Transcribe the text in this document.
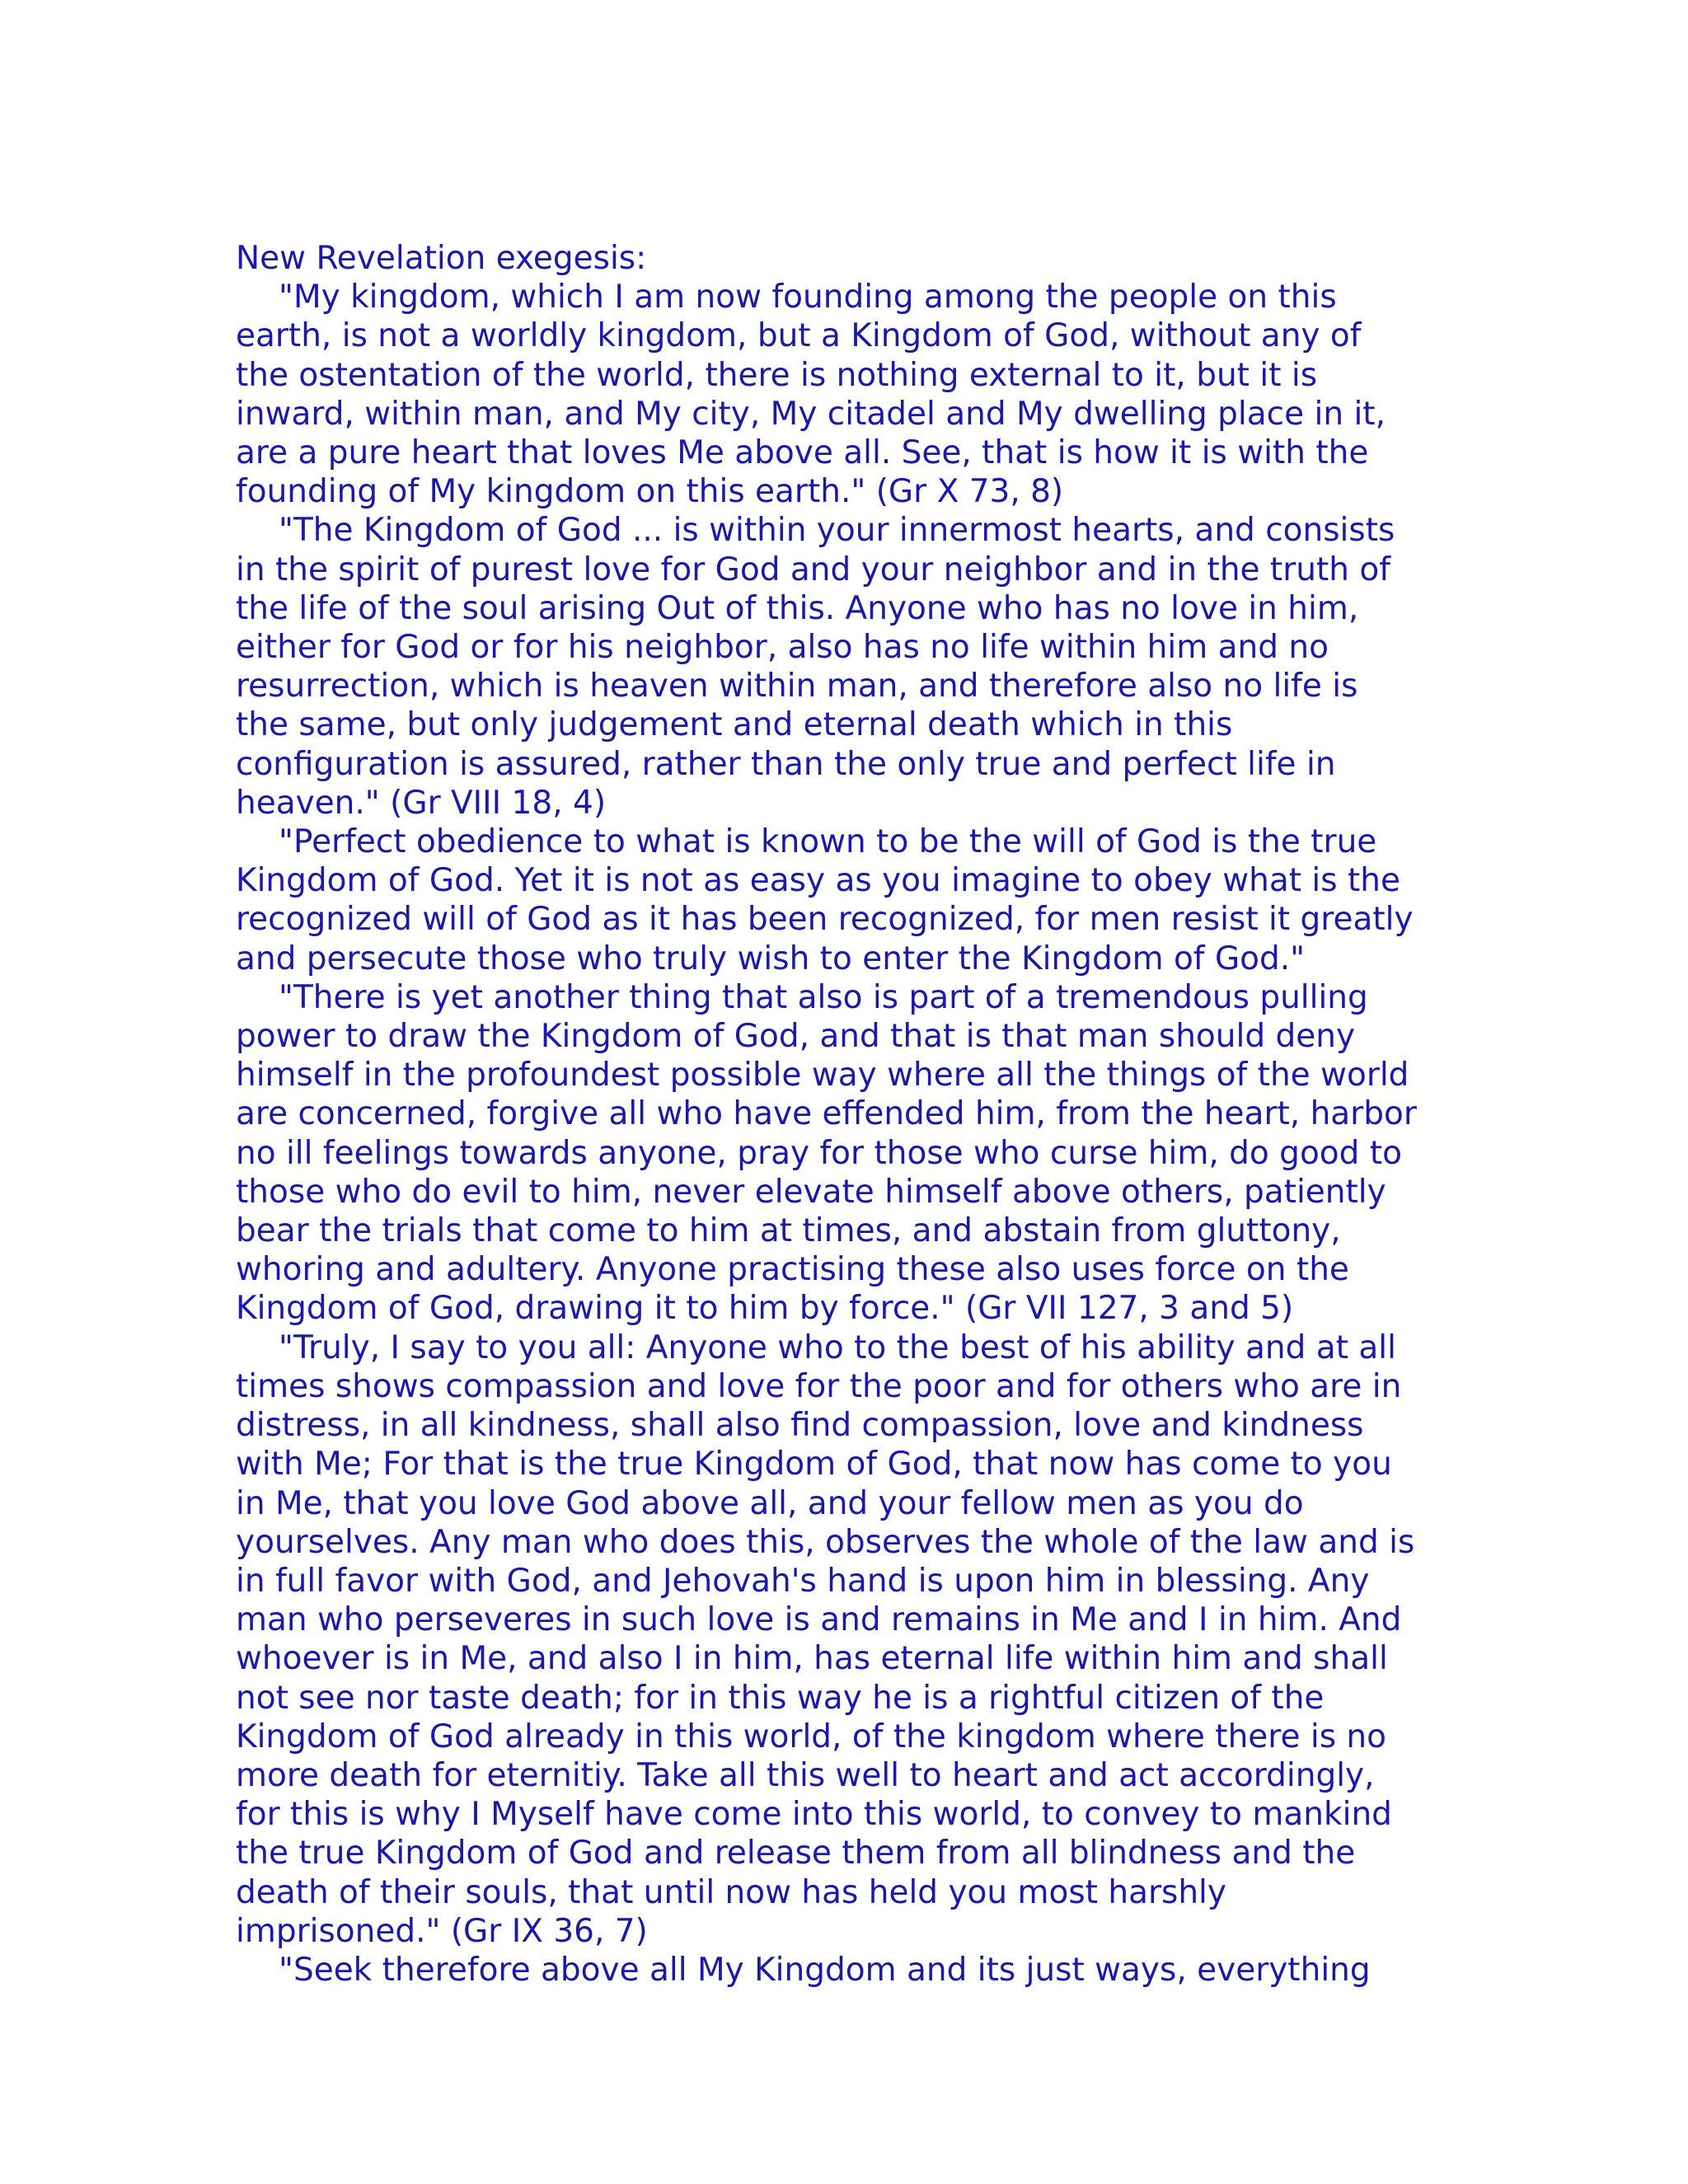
New Revelation exegesis:
"My kingdom, which I am now founding among the people on this
earth, is not a worldly kingdom, but a Kingdom of God, without any of
the ostentation of the world, there is nothing external to it, but it is
inward, within man, and My city, My citadel and My dwelling place in it,
are a pure heart that loves Me above all. See, that is how it is with the
founding of My kingdom on this earth." (Gr X 73, 8)
"The Kingdom of God ... is within your innermost hearts, and consists
in the spirit of purest love for God and your neighbor and in the truth of
the life of the soul arising Out of this. Anyone who has no love in him,
either for God or for his neighbor, also has no life within him and no
resurrection, which is heaven within man, and therefore also no life is
the same, but only judgement and eternal death which in this
configuration is assured, rather than the only true and perfect life in
heaven." (Gr VIII 18, 4)
"Perfect obedience to what is known to be the will of God is the true
Kingdom of God. Yet it is not as easy as you imagine to obey what is the
recognized will of God as it has been recognized, for men resist it greatly
and persecute those who truly wish to enter the Kingdom of God."
"There is yet another thing that also is part of a tremendous pulling
power to draw the Kingdom of God, and that is that man should deny
himself in the profoundest possible way where all the things of the world
are concerned, forgive all who have effended him, from the heart, harbor
no ill feelings towards anyone, pray for those who curse him, do good to
those who do evil to him, never elevate himself above others, patiently
bear the trials that come to him at times, and abstain from gluttony,
whoring and adultery. Anyone practising these also uses force on the
Kingdom of God, drawing it to him by force." (Gr VII 127, 3 and 5)
"Truly, I say to you all: Anyone who to the best of his ability and at all
times shows compassion and love for the poor and for others who are in
distress, in all kindness, shall also find compassion, love and kindness
with Me; For that is the true Kingdom of God, that now has come to you
in Me, that you love God above all, and your fellow men as you do
yourselves. Any man who does this, observes the whole of the law and is
in full favor with God, and Jehovah's hand is upon him in blessing. Any
man who perseveres in such love is and remains in Me and I in him. And
whoever is in Me, and also I in him, has eternal life within him and shall
not see nor taste death; for in this way he is a rightful citizen of the
Kingdom of God already in this world, of the kingdom where there is no
more death for eternitiy. Take all this well to heart and act accordingly,
for this is why I Myself have come into this world, to convey to mankind
the true Kingdom of God and release them from all blindness and the
death of their souls, that until now has held you most harshly
imprisoned." (Gr IX 36, 7)
"Seek therefore above all My Kingdom and its just ways, everything
